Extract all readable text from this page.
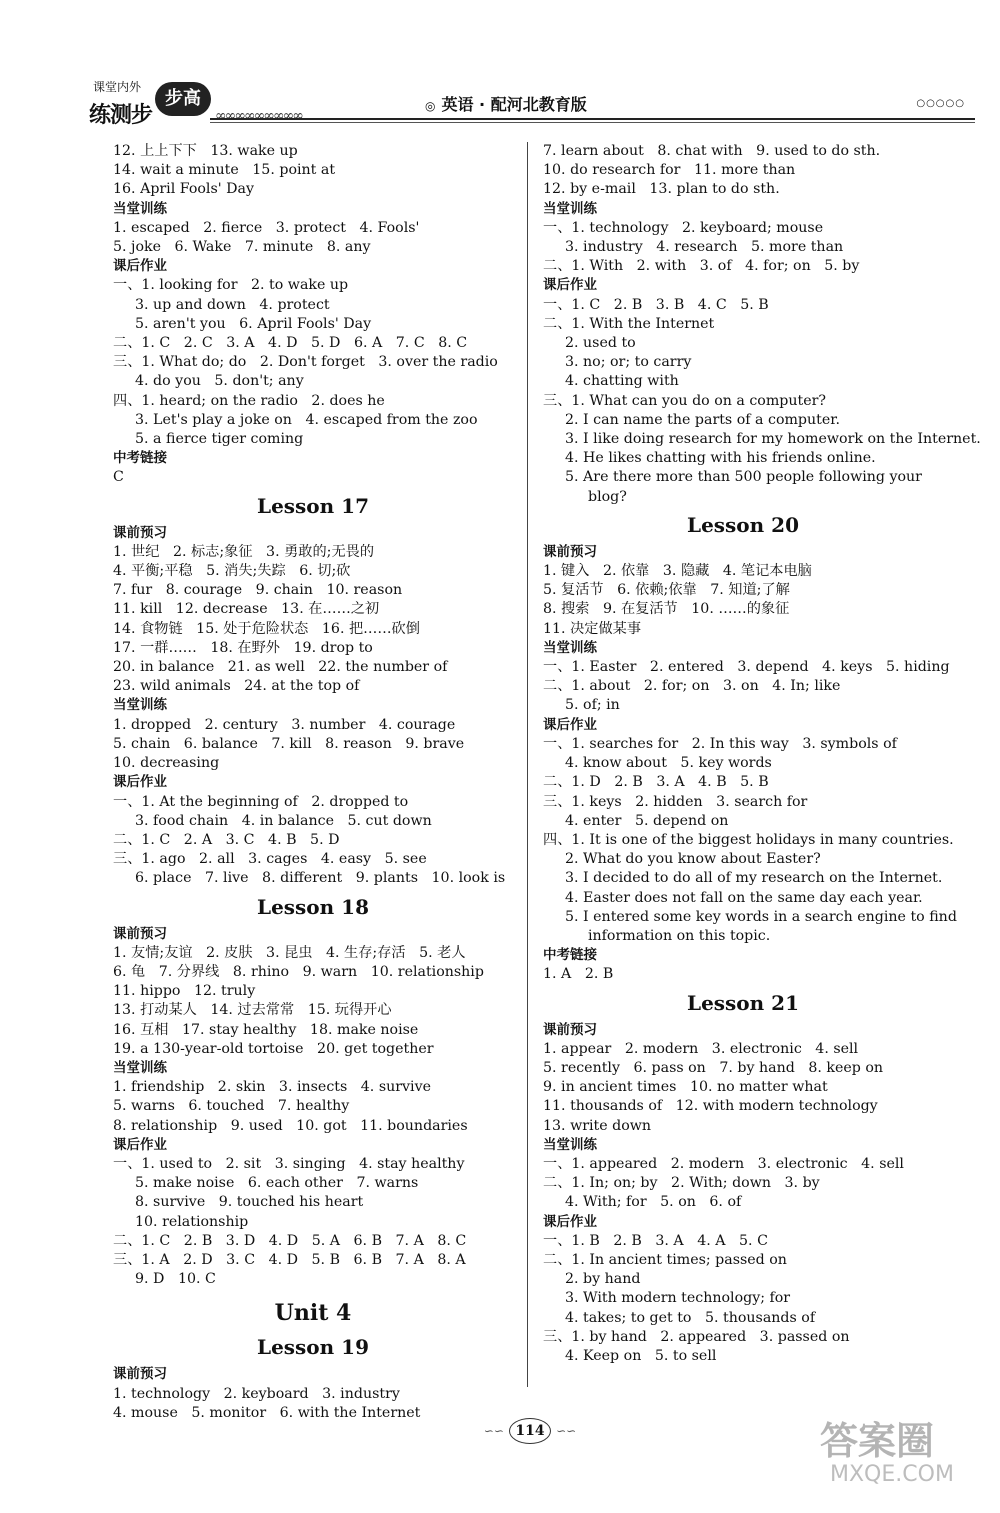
课堂内外
练测步
步高
∞∞∞∞∞∞∞∞∞
◎ 英语 · 配河北教育版	○○○○○
12. 上上下下   13. wake up
14. wait a minute   15. point at
16. April Fools' Day
当堂训练
1. escaped   2. fierce   3. protect   4. Fools'
5. joke   6. Wake   7. minute   8. any
课后作业
一、1. looking for   2. to wake up
3. up and down   4. protect
5. aren't you   6. April Fools' Day
二、1. C   2. C   3. A   4. D   5. D   6. A   7. C   8. C
三、1. What do; do   2. Don't forget   3. over the radio
4. do you   5. don't; any
四、1. heard; on the radio   2. does he
3. Let's play a joke on   4. escaped from the zoo
5. a fierce tiger coming
中考链接
C
Lesson 17
课前预习
1. 世纪   2. 标志;象征   3. 勇敢的;无畏的
4. 平衡;平稳   5. 消失;失踪   6. 切;砍
7. fur   8. courage   9. chain   10. reason
11. kill   12. decrease   13. 在……之初
14. 食物链   15. 处于危险状态   16. 把……砍倒
17. 一群……   18. 在野外   19. drop to
20. in balance   21. as well   22. the number of
23. wild animals   24. at the top of
当堂训练
1. dropped   2. century   3. number   4. courage
5. chain   6. balance   7. kill   8. reason   9. brave
10. decreasing
课后作业
一、1. At the beginning of   2. dropped to
3. food chain   4. in balance   5. cut down
二、1. C   2. A   3. C   4. B   5. D
三、1. ago   2. all   3. cages   4. easy   5. see
6. place   7. live   8. different   9. plants   10. look is
Lesson 18
课前预习
1. 友情;友谊   2. 皮肤   3. 昆虫   4. 生存;存活   5. 老人
6. 龟   7. 分界线   8. rhino   9. warn   10. relationship
11. hippo   12. truly
13. 打动某人   14. 过去常常   15. 玩得开心
16. 互相   17. stay healthy   18. make noise
19. a 130-year-old tortoise   20. get together
当堂训练
1. friendship   2. skin   3. insects   4. survive
5. warns   6. touched   7. healthy
8. relationship   9. used   10. got   11. boundaries
课后作业
一、1. used to   2. sit   3. singing   4. stay healthy
5. make noise   6. each other   7. warns
8. survive   9. touched his heart
10. relationship
二、1. C   2. B   3. D   4. D   5. A   6. B   7. A   8. C
三、1. A   2. D   3. C   4. D   5. B   6. B   7. A   8. A
9. D   10. C
Unit 4
Lesson 19
课前预习
1. technology   2. keyboard   3. industry
4. mouse   5. monitor   6. with the Internet
7. learn about   8. chat with   9. used to do sth.
10. do research for   11. more than
12. by e-mail   13. plan to do sth.
当堂训练
一、1. technology   2. keyboard; mouse
3. industry   4. research   5. more than
二、1. With   2. with   3. of   4. for; on   5. by
课后作业
一、1. C   2. B   3. B   4. C   5. B
二、1. With the Internet
2. used to
3. no; or; to carry
4. chatting with
三、1. What can you do on a computer?
2. I can name the parts of a computer.
3. I like doing research for my homework on the Internet.
4. He likes chatting with his friends online.
5. Are there more than 500 people following your
blog?
Lesson 20
课前预习
1. 键入   2. 依靠   3. 隐藏   4. 笔记本电脑
5. 复活节   6. 依赖;依靠   7. 知道;了解
8. 搜索   9. 在复活节   10. ……的象征
11. 决定做某事
当堂训练
一、1. Easter   2. entered   3. depend   4. keys   5. hiding
二、1. about   2. for; on   3. on   4. In; like
5. of; in
课后作业
一、1. searches for   2. In this way   3. symbols of
4. know about   5. key words
二、1. D   2. B   3. A   4. B   5. B
三、1. keys   2. hidden   3. search for
4. enter   5. depend on
四、1. It is one of the biggest holidays in many countries.
2. What do you know about Easter?
3. I decided to do all of my research on the Internet.
4. Easter does not fall on the same day each year.
5. I entered some key words in a search engine to find
information on this topic.
中考链接
1. A   2. B
Lesson 21
课前预习
1. appear   2. modern   3. electronic   4. sell
5. recently   6. pass on   7. by hand   8. keep on
9. in ancient times   10. no matter what
11. thousands of   12. with modern technology
13. write down
当堂训练
一、1. appeared   2. modern   3. electronic   4. sell
二、1. In; on; by   2. With; down   3. by
4. With; for   5. on   6. of
课后作业
一、1. B   2. B   3. A   4. A   5. C
二、1. In ancient times; passed on
2. by hand
3. With modern technology; for
4. takes; to get to   5. thousands of
三、1. by hand   2. appeared   3. passed on
4. Keep on   5. to sell
∽∽ 114 ∽∽	答案圈
MXQE.COM
